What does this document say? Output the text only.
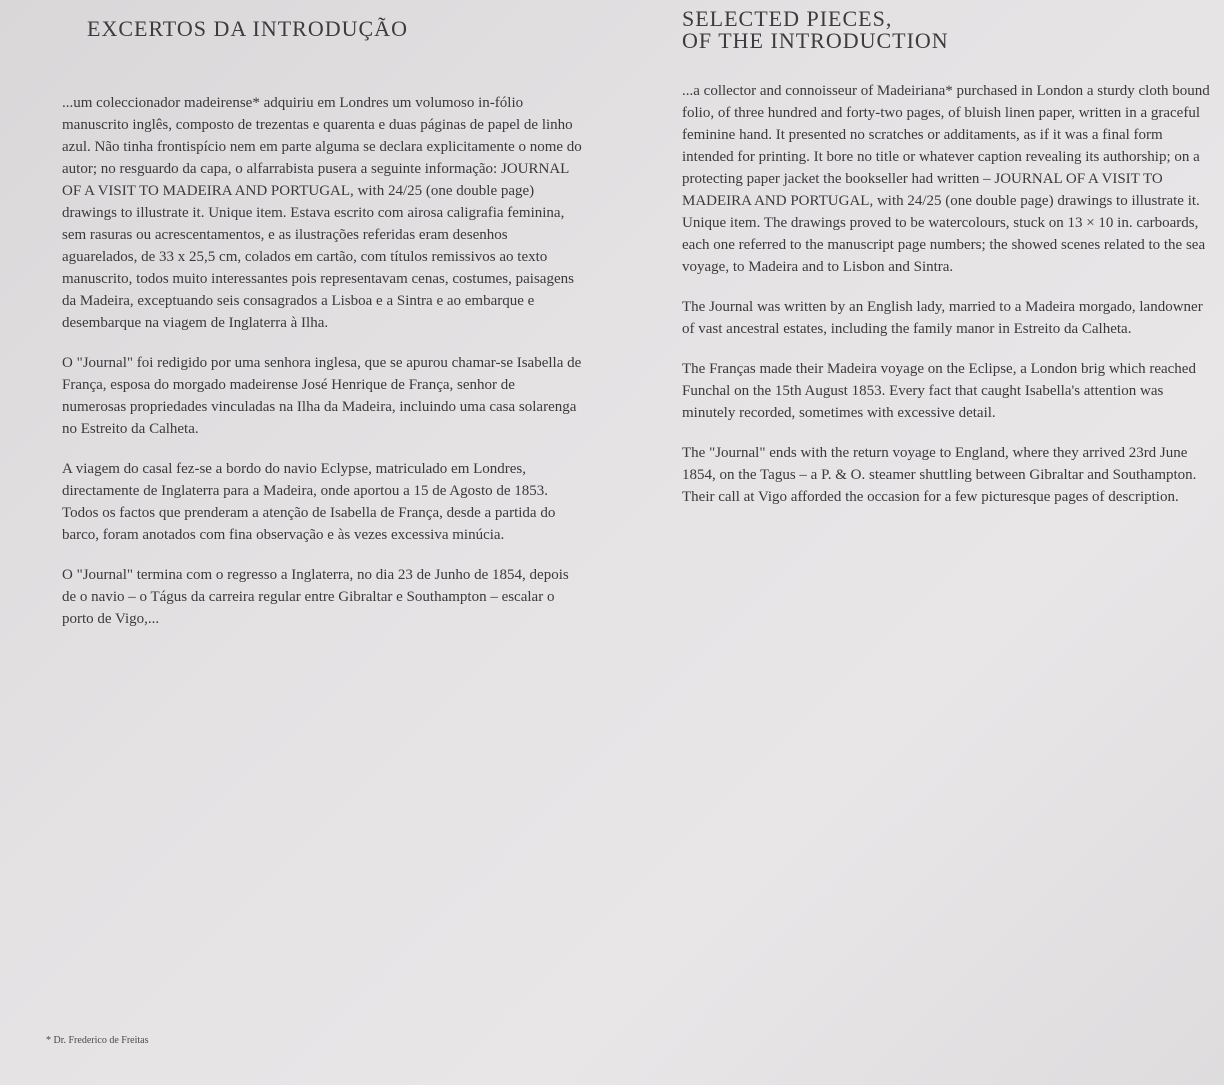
EXCERTOS DA INTRODUÇÃO

...um coleccionador madeirense* adquiriu em Londres um volumoso in-fólio manuscrito inglês, composto de trezentas e quarenta e duas páginas de papel de linho azul. Não tinha frontispício nem em parte alguma se declara explicitamente o nome do autor; no resguardo da capa, o alfarrabista pusera a seguinte informação: JOURNAL OF A VISIT TO MADEIRA AND PORTUGAL, with 24/25 (one double page) drawings to illustrate it. Unique item. Estava escrito com airosa caligrafia feminina, sem rasuras ou acrescentamentos, e as ilustrações referidas eram desenhos aguarelados, de 33 x 25,5 cm, colados em cartão, com títulos remissivos ao texto manuscrito, todos muito interessantes pois representavam cenas, costumes, paisagens da Madeira, exceptuando seis consagrados a Lisboa e a Sintra e ao embarque e desembarque na viagem de Inglaterra à Ilha.

O "Journal" foi redigido por uma senhora inglesa, que se apurou chamar-se Isabella de França, esposa do morgado madeirense José Henrique de França, senhor de numerosas propriedades vinculadas na Ilha da Madeira, incluindo uma casa solarenga no Estreito da Calheta.

A viagem do casal fez-se a bordo do navio Eclypse, matriculado em Londres, directamente de Inglaterra para a Madeira, onde aportou a 15 de Agosto de 1853. Todos os factos que prenderam a atenção de Isabella de França, desde a partida do barco, foram anotados com fina observação e às vezes excessiva minúcia.

O "Journal" termina com o regresso a Inglaterra, no dia 23 de Junho de 1854, depois de o navio – o Tágus da carreira regular entre Gibraltar e Southampton – escalar o porto de Vigo,...

SELECTED PIECES,
OF THE INTRODUCTION

...a collector and connoisseur of Madeiriana* purchased in London a sturdy cloth bound folio, of three hundred and forty-two pages, of bluish linen paper, written in a graceful feminine hand. It presented no scratches or additaments, as if it was a final form intended for printing. It bore no title or whatever caption revealing its authorship; on a protecting paper jacket the bookseller had written – JOURNAL OF A VISIT TO MADEIRA AND PORTUGAL, with 24/25 (one double page) drawings to illustrate it. Unique item. The drawings proved to be watercolours, stuck on 13 × 10 in. carboards, each one referred to the manuscript page numbers; the showed scenes related to the sea voyage, to Madeira and to Lisbon and Sintra.

The Journal was written by an English lady, married to a Madeira morgado, landowner of vast ancestral estates, including the family manor in Estreito da Calheta.

The Franças made their Madeira voyage on the Eclipse, a London brig which reached Funchal on the 15th August 1853. Every fact that caught Isabella's attention was minutely recorded, sometimes with excessive detail.

The "Journal" ends with the return voyage to England, where they arrived 23rd June 1854, on the Tagus – a P. & O. steamer shuttling between Gibraltar and Southampton. Their call at Vigo afforded the occasion for a few picturesque pages of description.

* Dr. Frederico de Freitas
